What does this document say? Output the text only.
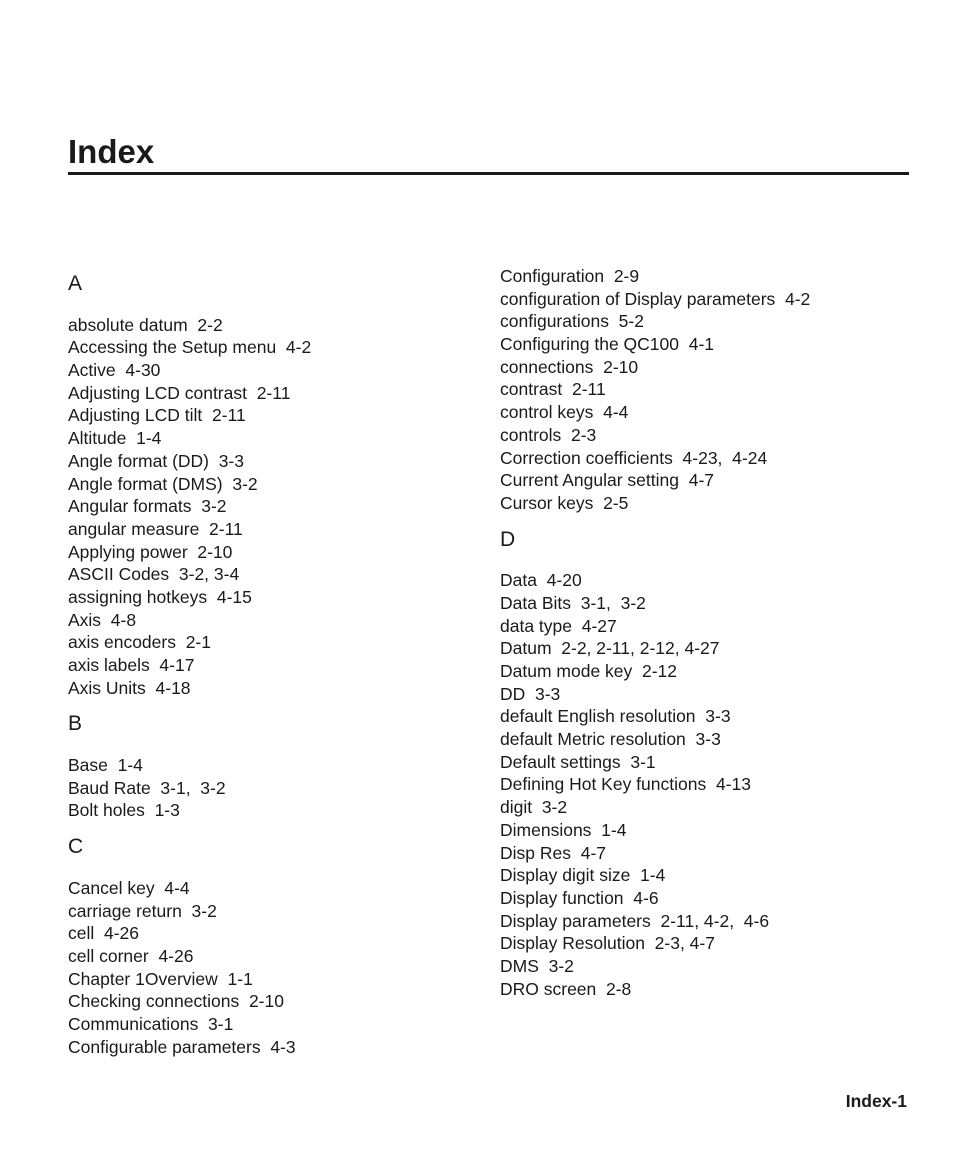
Index
A
absolute datum  2-2
Accessing the Setup menu  4-2
Active  4-30
Adjusting LCD contrast  2-11
Adjusting LCD tilt  2-11
Altitude  1-4
Angle format (DD)  3-3
Angle format (DMS)  3-2
Angular formats  3-2
angular measure  2-11
Applying power  2-10
ASCII Codes  3-2, 3-4
assigning hotkeys  4-15
Axis  4-8
axis encoders  2-1
axis labels  4-17
Axis Units  4-18
B
Base  1-4
Baud Rate  3-1,  3-2
Bolt holes  1-3
C
Cancel key  4-4
carriage return  3-2
cell  4-26
cell corner  4-26
Chapter 1Overview  1-1
Checking connections  2-10
Communications  3-1
Configurable parameters  4-3
Configuration  2-9
configuration of Display parameters  4-2
configurations  5-2
Configuring the QC100  4-1
connections  2-10
contrast  2-11
control keys  4-4
controls  2-3
Correction coefficients  4-23,  4-24
Current Angular setting  4-7
Cursor keys  2-5
D
Data  4-20
Data Bits  3-1,  3-2
data type  4-27
Datum  2-2, 2-11, 2-12, 4-27
Datum mode key  2-12
DD  3-3
default English resolution  3-3
default Metric resolution  3-3
Default settings  3-1
Defining Hot Key functions  4-13
digit  3-2
Dimensions  1-4
Disp Res  4-7
Display digit size  1-4
Display function  4-6
Display parameters  2-11, 4-2,  4-6
Display Resolution  2-3, 4-7
DMS  3-2
DRO screen  2-8
Index-1
